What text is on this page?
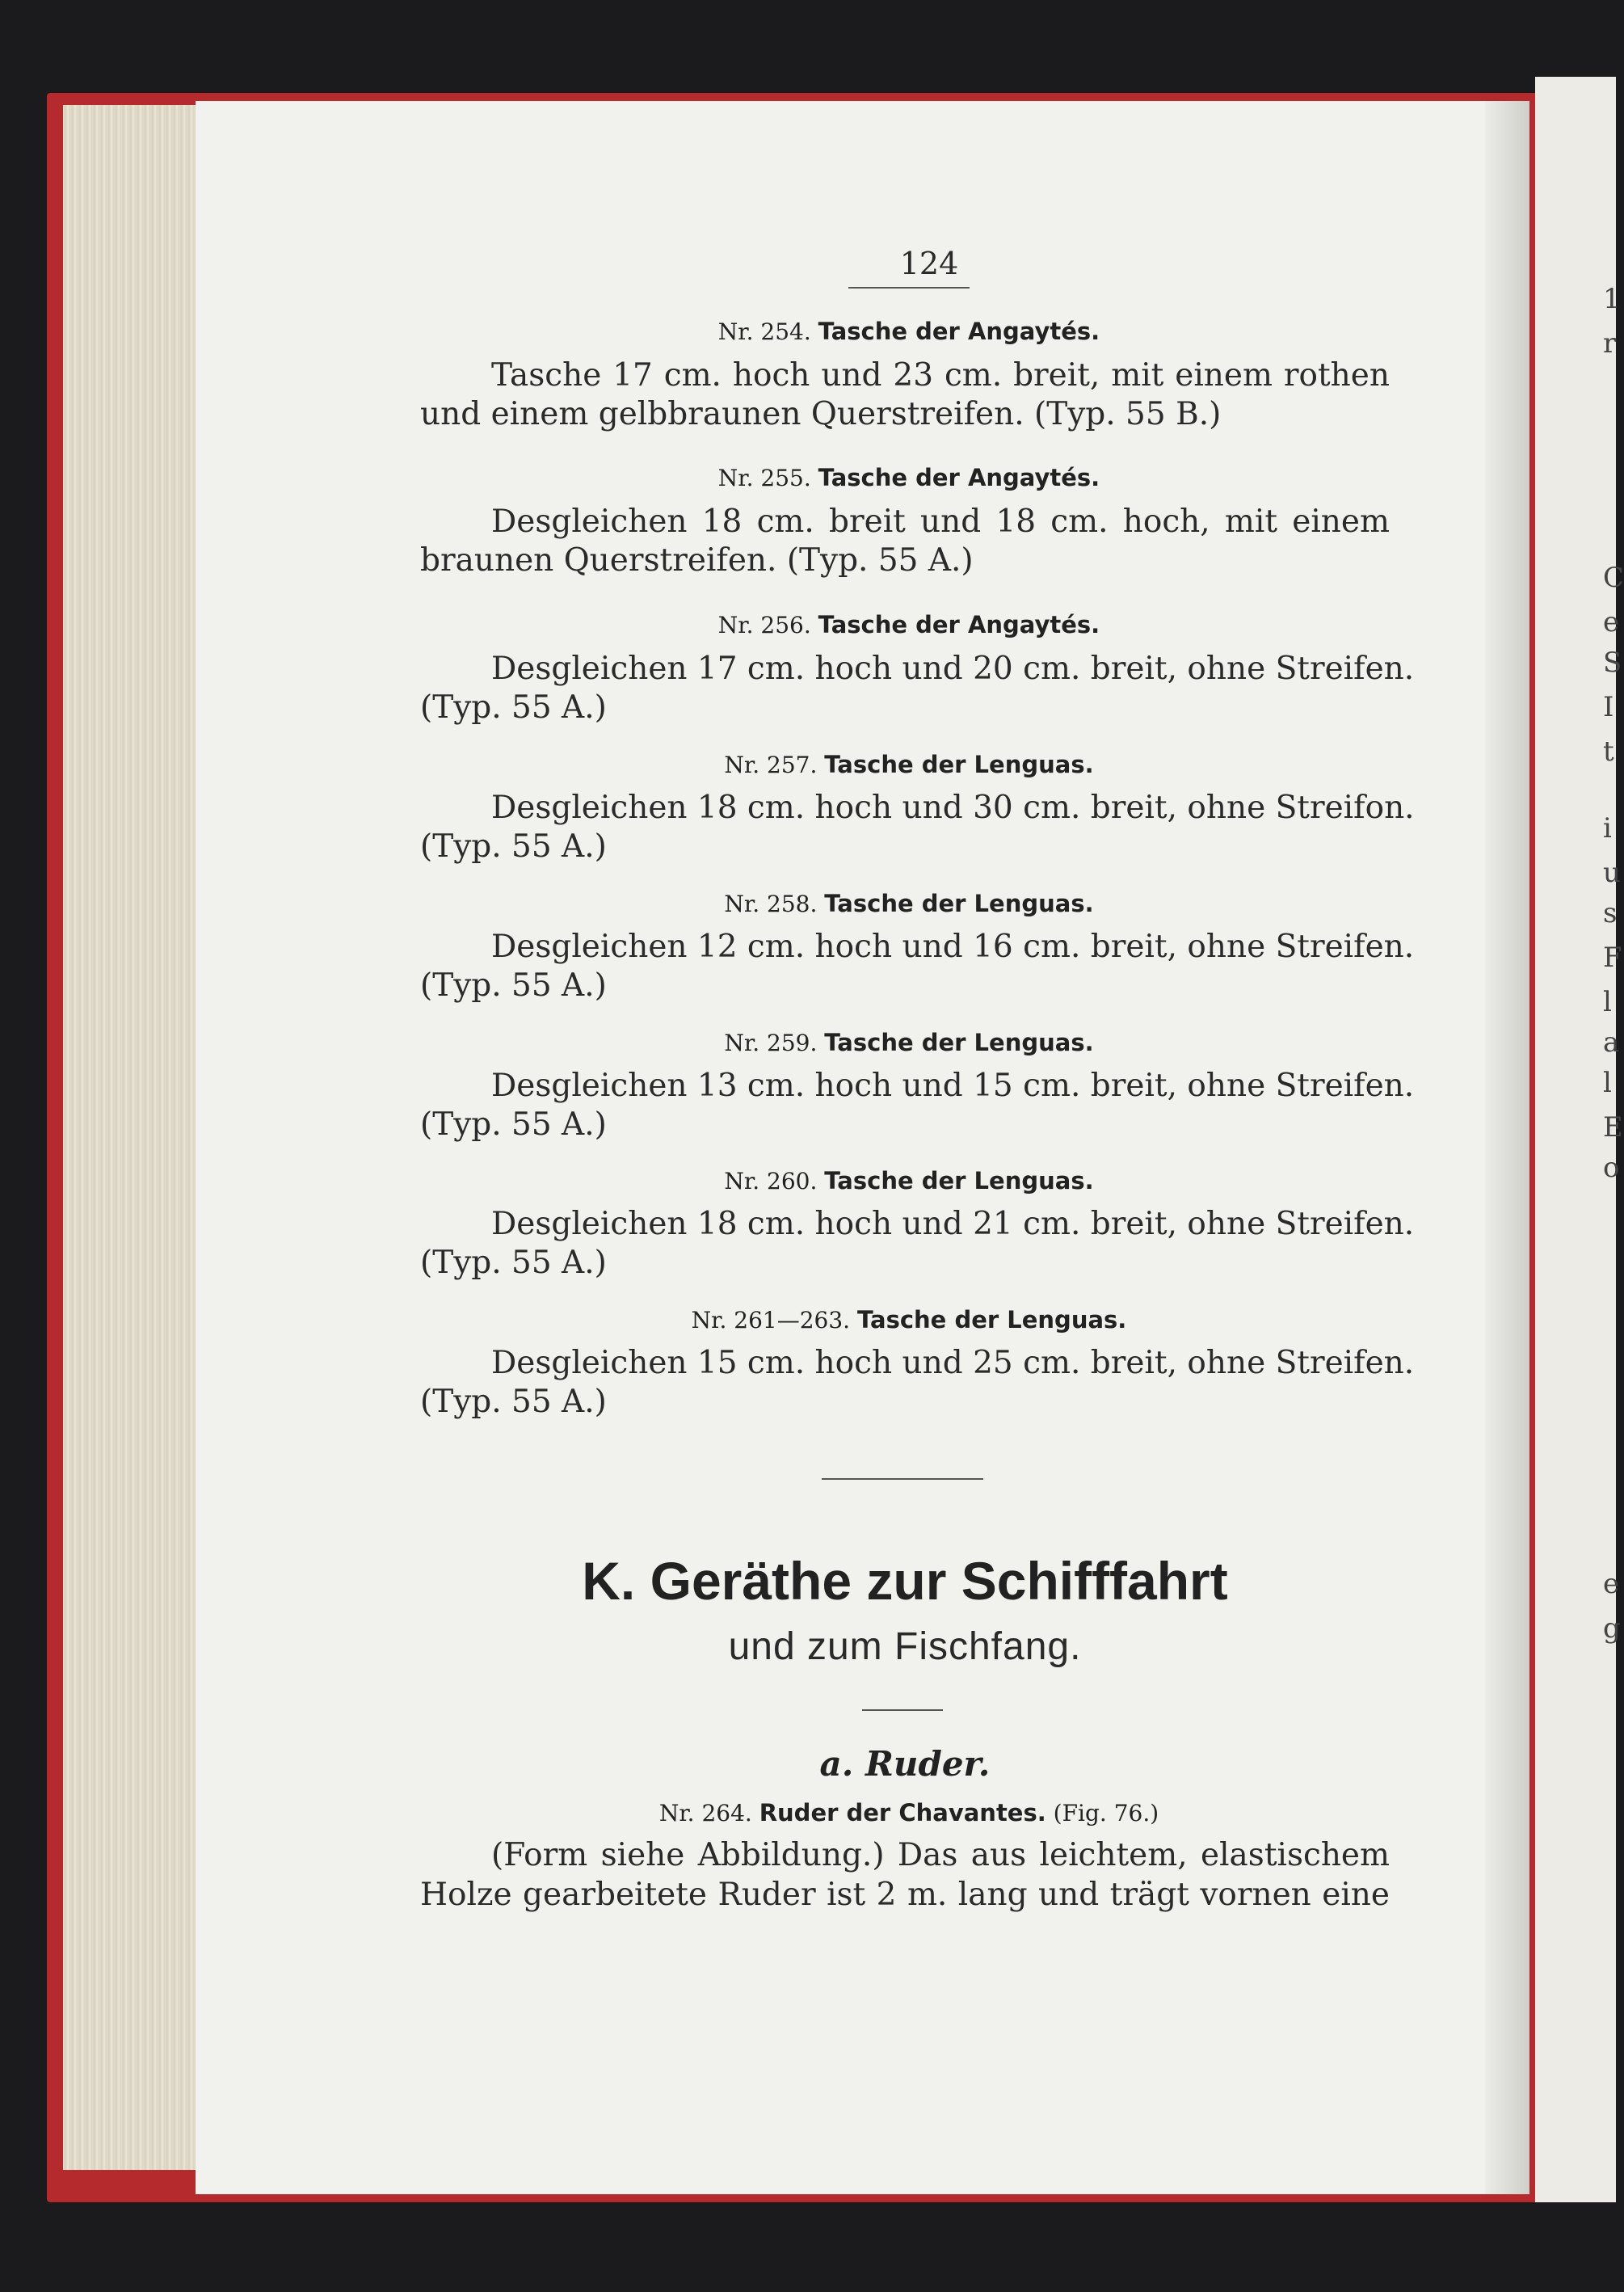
1
r
C
e
S
I
t
i
u
s
F
l
a
l
E
o
e
g
124
Nr. 254. Tasche der Angaytés.
Tasche 17 cm. hoch und 23 cm. breit, mit einem rothen
und einem gelbbraunen Querstreifen. (Typ. 55 B.)
Nr. 255. Tasche der Angaytés.
Desgleichen 18 cm. breit und 18 cm. hoch, mit einem
braunen Querstreifen. (Typ. 55 A.)
Nr. 256. Tasche der Angaytés.
Desgleichen 17 cm. hoch und 20 cm. breit, ohne Streifen.
(Typ. 55 A.)
Nr. 257. Tasche der Lenguas.
Desgleichen 18 cm. hoch und 30 cm. breit, ohne Streifon.
(Typ. 55 A.)
Nr. 258. Tasche der Lenguas.
Desgleichen 12 cm. hoch und 16 cm. breit, ohne Streifen.
(Typ. 55 A.)
Nr. 259. Tasche der Lenguas.
Desgleichen 13 cm. hoch und 15 cm. breit, ohne Streifen.
(Typ. 55 A.)
Nr. 260. Tasche der Lenguas.
Desgleichen 18 cm. hoch und 21 cm. breit, ohne Streifen.
(Typ. 55 A.)
Nr. 261—263. Tasche der Lenguas.
Desgleichen 15 cm. hoch und 25 cm. breit, ohne Streifen.
(Typ. 55 A.)
K. Geräthe zur Schifffahrt
und zum Fischfang.
a. Ruder.
Nr. 264. Ruder der Chavantes. (Fig. 76.)
(Form siehe Abbildung.) Das aus leichtem, elastischem
Holze gearbeitete Ruder ist 2 m. lang und trägt vornen eine
